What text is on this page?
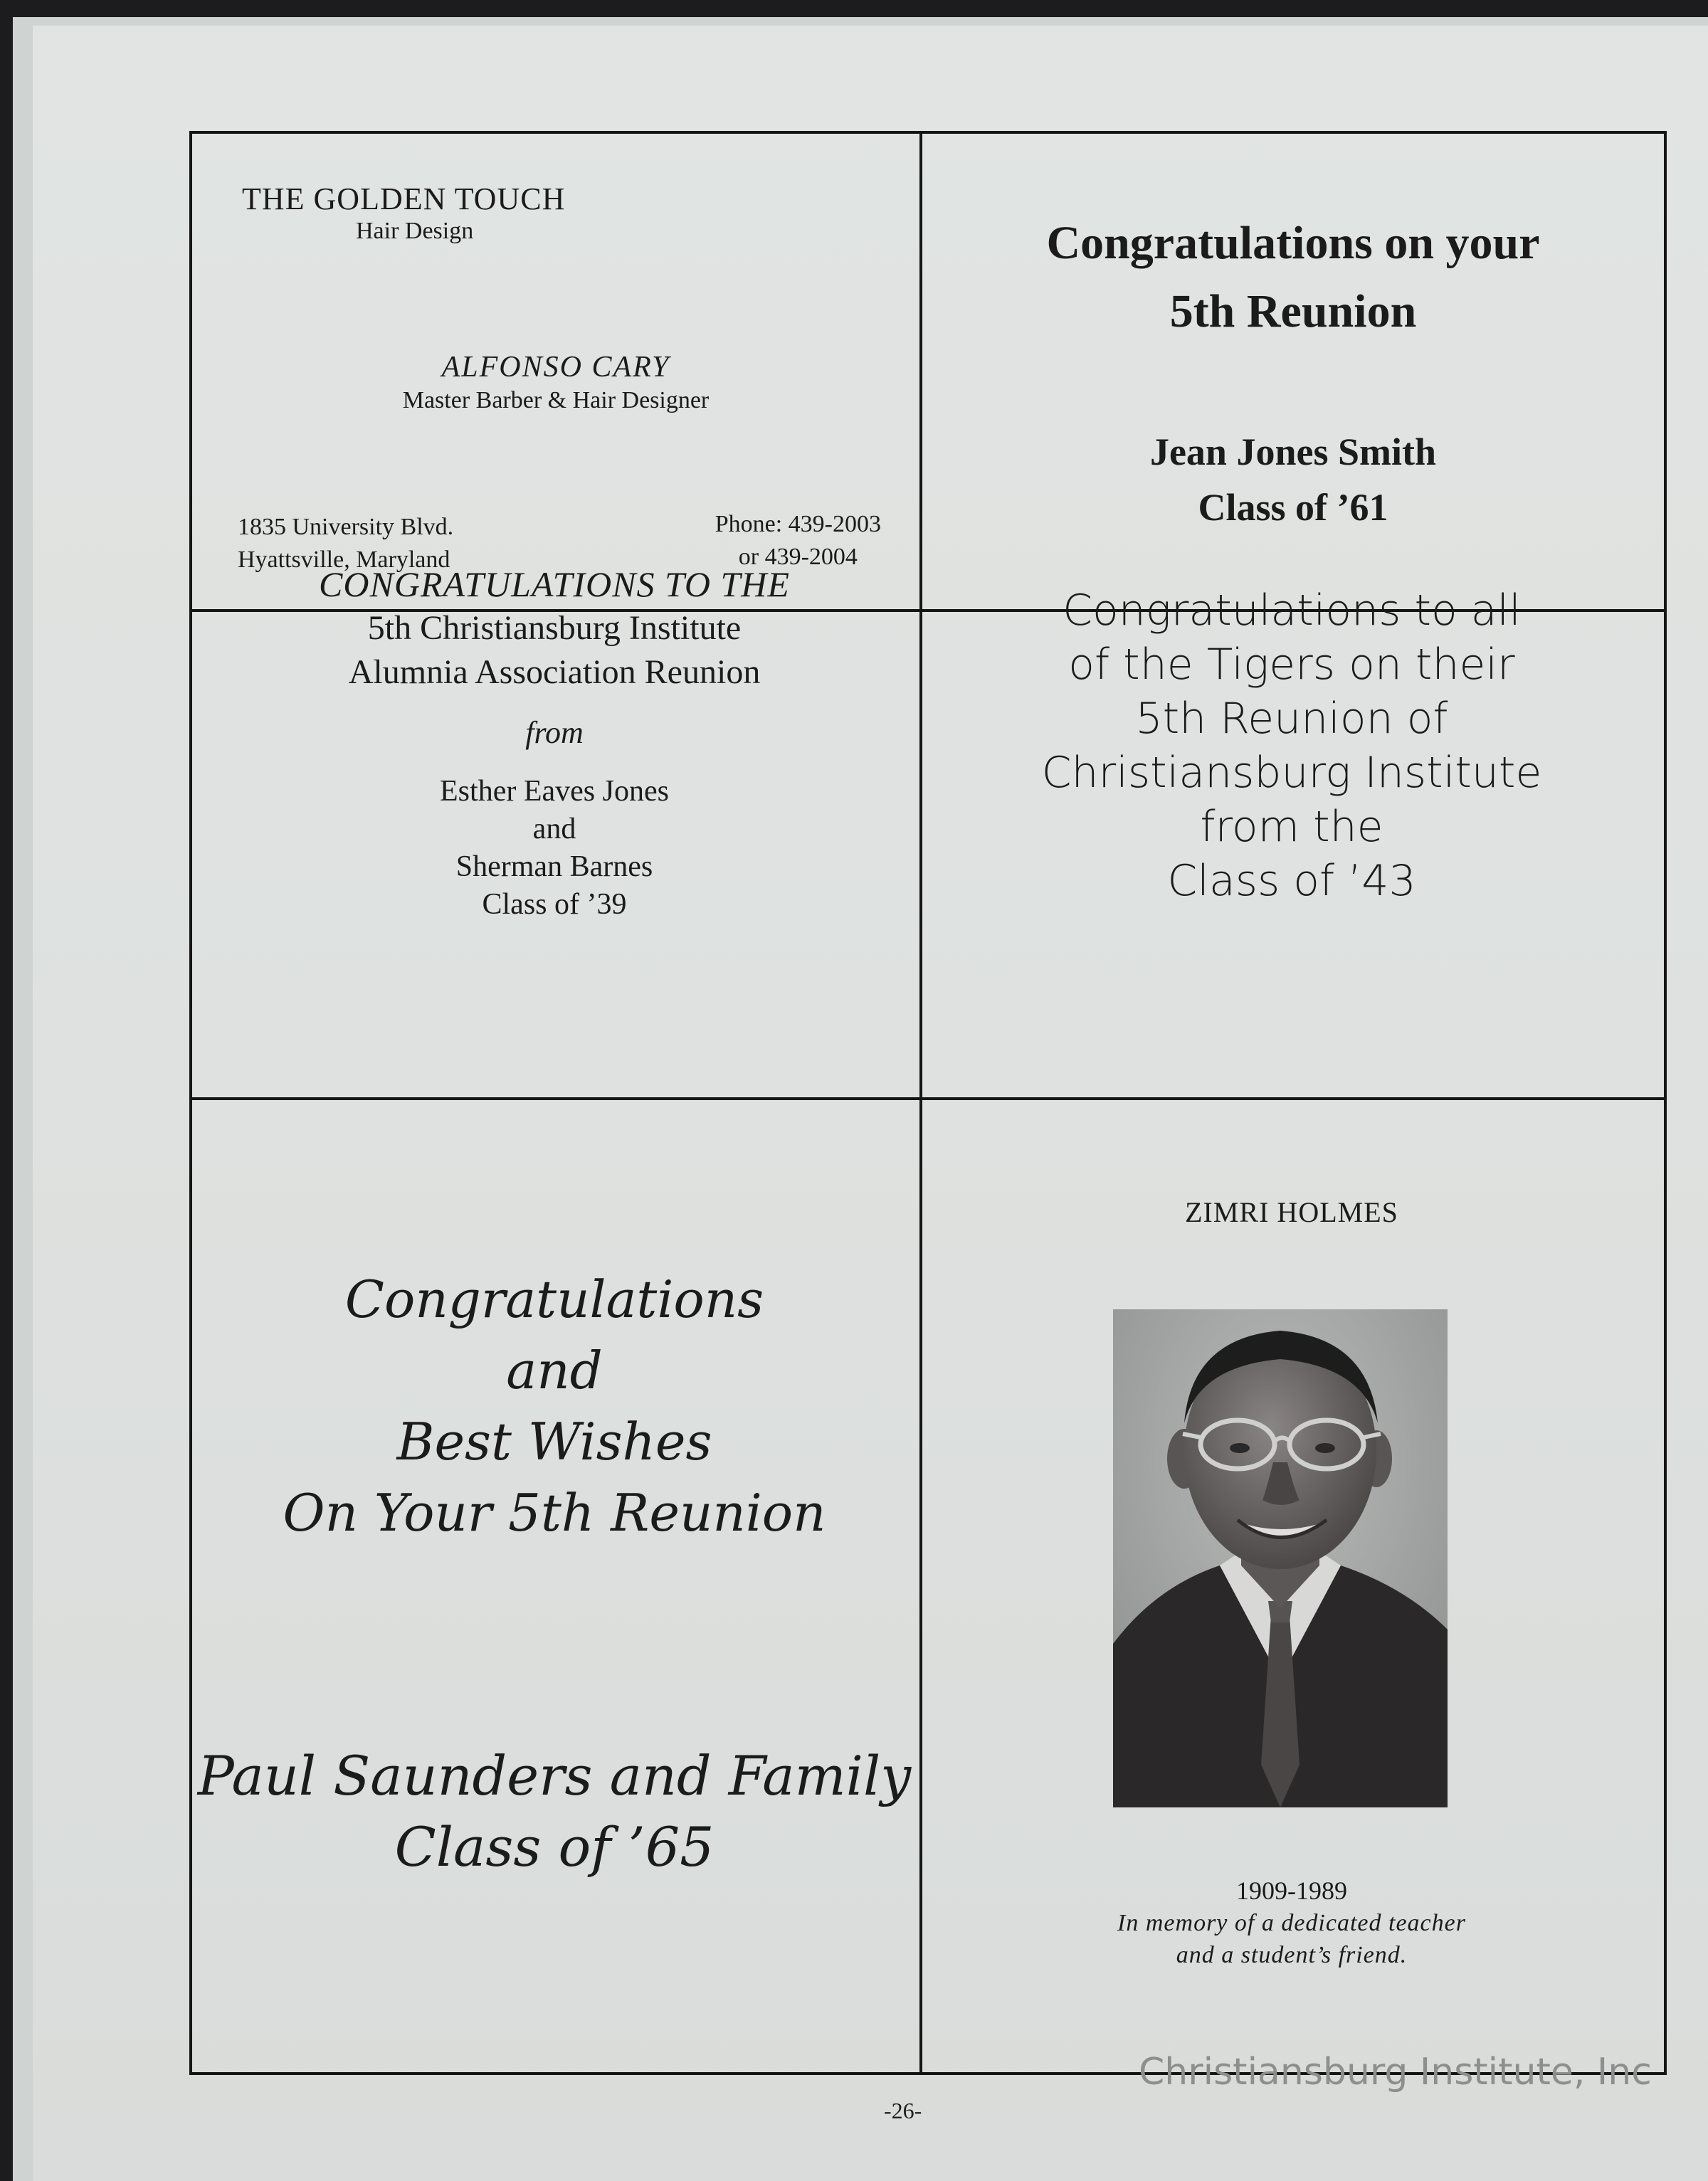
THE GOLDEN TOUCH
Hair Design
ALFONSO CARY
Master Barber & Hair Designer
1835 University Blvd.
Hyattsville, Maryland
Phone: 439-2003
or 439-2004
Congratulations on your
5th Reunion
Jean Jones Smith
Class of ’61
CONGRATULATIONS TO THE
5th Christiansburg Institute
Alumnia Association Reunion
from
Esther Eaves Jones
and
Sherman Barnes
Class of ’39
Congratulations to all
of the Tigers on their
5th Reunion of
Christiansburg Institute
from the
Class of ’43
Congratulations
and
Best Wishes
On Your 5th Reunion
Paul Saunders and Family
Class of ’65
ZIMRI HOLMES
1909-1989
In memory of a dedicated teacher
and a student’s friend.
-26-
Christiansburg Institute, Inc
